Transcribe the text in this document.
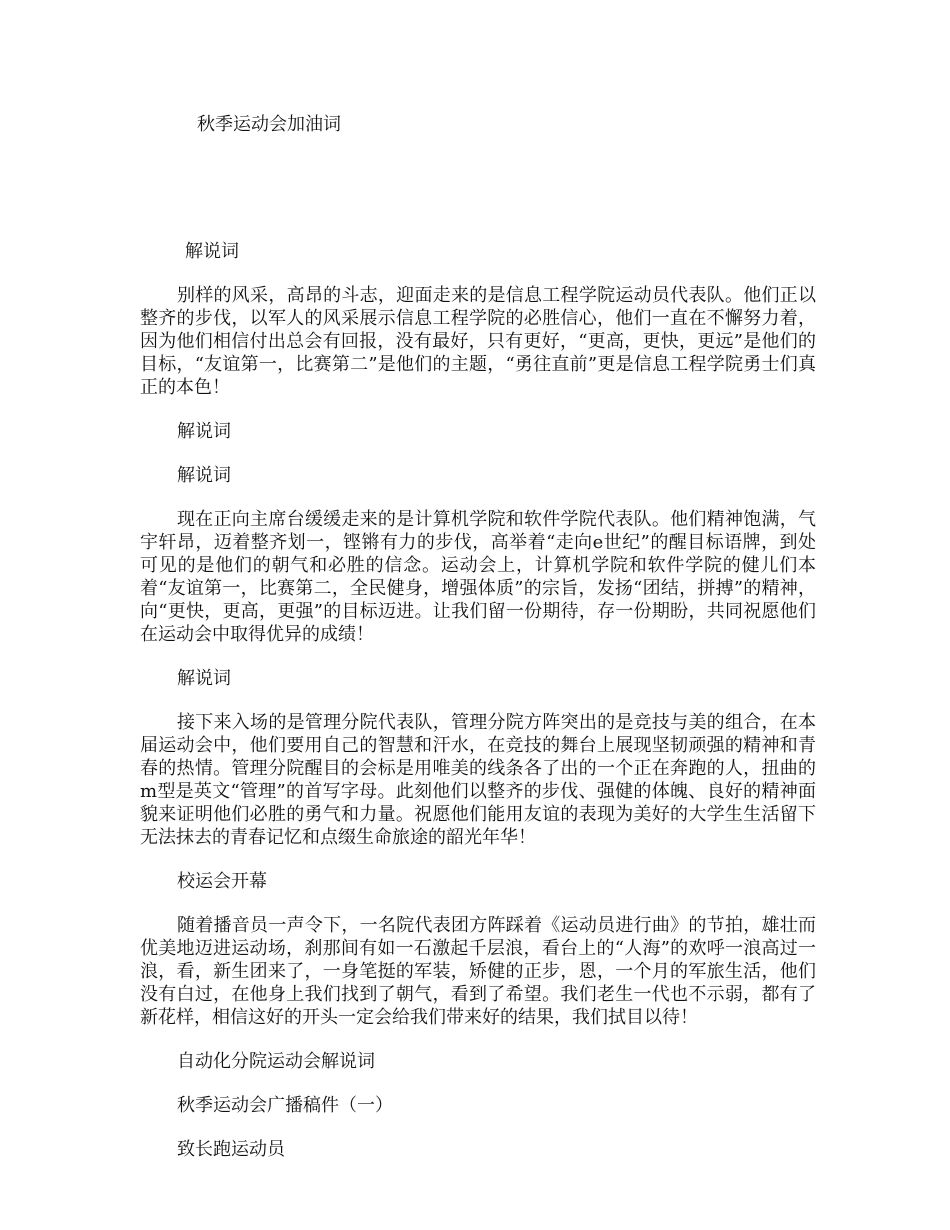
秋季运动会加油词
解说词

别样的风采，高昂的斗志，迎面走来的是信息工程学院运动员代表队。他们正以整齐的步伐，以军人的风采展示信息工程学院的必胜信心，他们一直在不懈努力着，因为他们相信付出总会有回报，没有最好，只有更好，“更高，更快，更远”是他们的目标，“友谊第一，比赛第二”是他们的主题，“勇往直前”更是信息工程学院勇士们真正的本色！

解说词
解说词

现在正向主席台缓缓走来的是计算机学院和软件学院代表队。他们精神饱满，气宇轩昂，迈着整齐划一，铿锵有力的步伐，高举着“走向e世纪”的醒目标语牌，到处可见的是他们的朝气和必胜的信念。运动会上，计算机学院和软件学院的健儿们本着“友谊第一，比赛第二，全民健身，增强体质”的宗旨，发扬“团结，拼搏”的精神，向“更快，更高，更强”的目标迈进。让我们留一份期待，存一份期盼，共同祝愿他们在运动会中取得优异的成绩！

解说词

接下来入场的是管理分院代表队，管理分院方阵突出的是竞技与美的组合，在本届运动会中，他们要用自己的智慧和汗水，在竞技的舞台上展现坚韧顽强的精神和青春的热情。管理分院醒目的会标是用唯美的线条各了出的一个正在奔跑的人，扭曲的m型是英文“管理”的首写字母。此刻他们以整齐的步伐、强健的体魄、良好的精神面貌来证明他们必胜的勇气和力量。祝愿他们能用友谊的表现为美好的大学生生活留下无法抹去的青春记忆和点缀生命旅途的韶光年华！

校运会开幕

随着播音员一声令下，一名院代表团方阵踩着《运动员进行曲》的节拍，雄壮而优美地迈进运动场，刹那间有如一石激起千层浪，看台上的“人海”的欢呼一浪高过一浪，看，新生团来了，一身笔挺的军装，矫健的正步，恩，一个月的军旅生活，他们没有白过，在他身上我们找到了朝气，看到了希望。我们老生一代也不示弱，都有了新花样，相信这好的开头一定会给我们带来好的结果，我们拭目以待！

自动化分院运动会解说词
秋季运动会广播稿件（一）
致长跑运动员
